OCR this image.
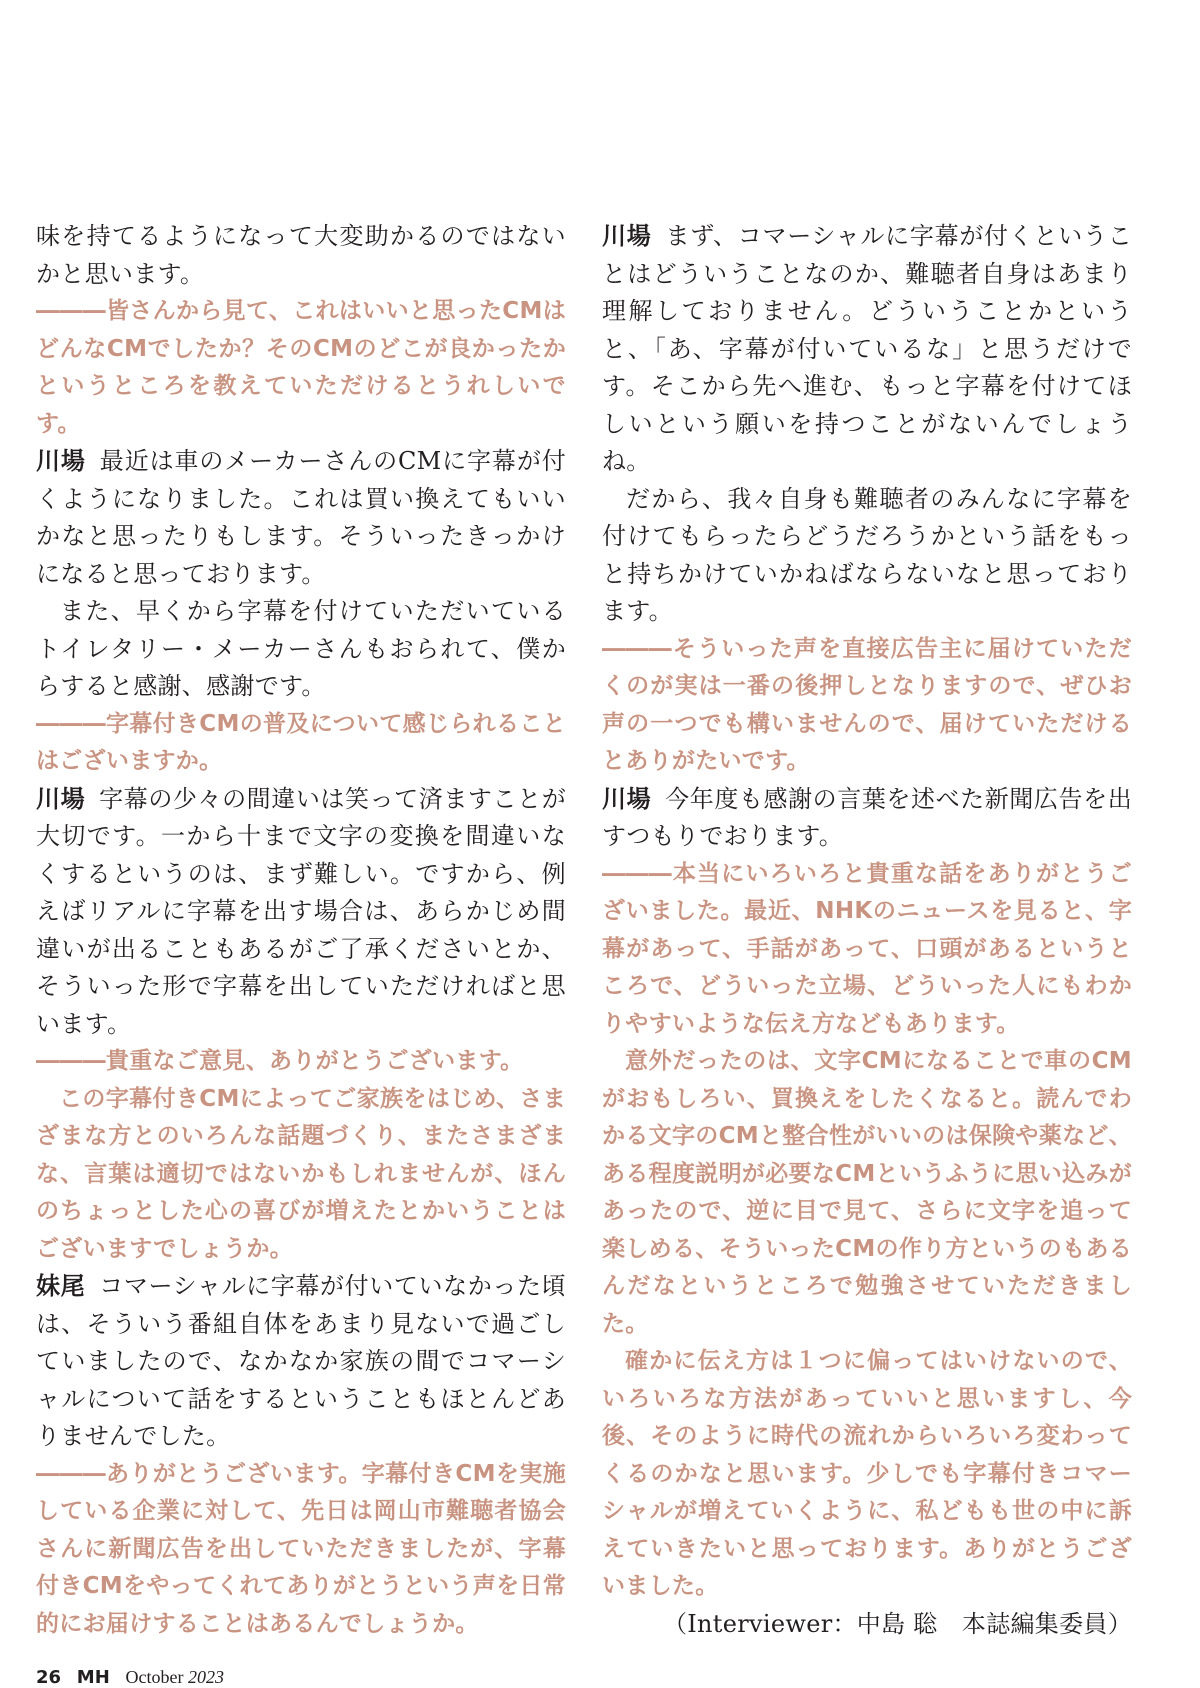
味を持てるようになって大変助かるのではないかと思います。

―――皆さんから見て、これはいいと思ったCMはどんなCMでしたか？そのCMのどこが良かったかというところを教えていただけるとうれしいです。

川場 最近は車のメーカーさんのCMに字幕が付くようになりました。これは買い換えてもいいかなと思ったりもします。そういったきっかけになると思っております。

また、早くから字幕を付けていただいているトイレタリー・メーカーさんもおられて、僕からすると感謝、感謝です。

―――字幕付きCMの普及について感じられることはございますか。

川場 字幕の少々の間違いは笑って済ますことが大切です。一から十まで文字の変換を間違いなくするというのは、まず難しい。ですから、例えばリアルに字幕を出す場合は、あらかじめ間違いが出ることもあるがご了承くださいとか、そういった形で字幕を出していただければと思います。

―――貴重なご意見、ありがとうございます。

この字幕付きCMによってご家族をはじめ、さまざまな方とのいろんな話題づくり、またさまざまな、言葉は適切ではないかもしれませんが、ほんのちょっとした心の喜びが増えたとかいうことはございますでしょうか。

妹尾 コマーシャルに字幕が付いていなかった頃は、そういう番組自体をあまり見ないで過ごしていましたので、なかなか家族の間でコマーシャルについて話をするということもほとんどありませんでした。

―――ありがとうございます。字幕付きCMを実施している企業に対して、先日は岡山市難聴者協会さんに新聞広告を出していただきましたが、字幕付きCMをやってくれてありがとうという声を日常的にお届けすることはあるんでしょうか。

川場 まず、コマーシャルに字幕が付くということはどういうことなのか、難聴者自身はあまり理解しておりません。どういうことかというと、「あ、字幕が付いているな」と思うだけです。そこから先へ進む、もっと字幕を付けてほしいという願いを持つことがないんでしょうね。

だから、我々自身も難聴者のみんなに字幕を付けてもらったらどうだろうかという話をもっと持ちかけていかねばならないなと思っております。

―――そういった声を直接広告主に届けていただくのが実は一番の後押しとなりますので、ぜひお声の一つでも構いませんので、届けていただけるとありがたいです。

川場 今年度も感謝の言葉を述べた新聞広告を出すつもりでおります。

―――本当にいろいろと貴重な話をありがとうございました。最近、NHKのニュースを見ると、字幕があって、手話があって、口頭があるというところで、どういった立場、どういった人にもわかりやすいような伝え方などもあります。

意外だったのは、文字CMになることで車のCMがおもしろい、買換えをしたくなると。読んでわかる文字のCMと整合性がいいのは保険や薬など、ある程度説明が必要なCMというふうに思い込みがあったので、逆に目で見て、さらに文字を追って楽しめる、そういったCMの作り方というのもあるんだなというところで勉強させていただきました。

確かに伝え方は１つに偏ってはいけないので、いろいろな方法があっていいと思いますし、今後、そのように時代の流れからいろいろ変わってくるのかなと思います。少しでも字幕付きコマーシャルが増えていくように、私どもも世の中に訴えていきたいと思っております。ありがとうございました。

（Interviewer：中島 聡　本誌編集委員）

26 MH October 2023
